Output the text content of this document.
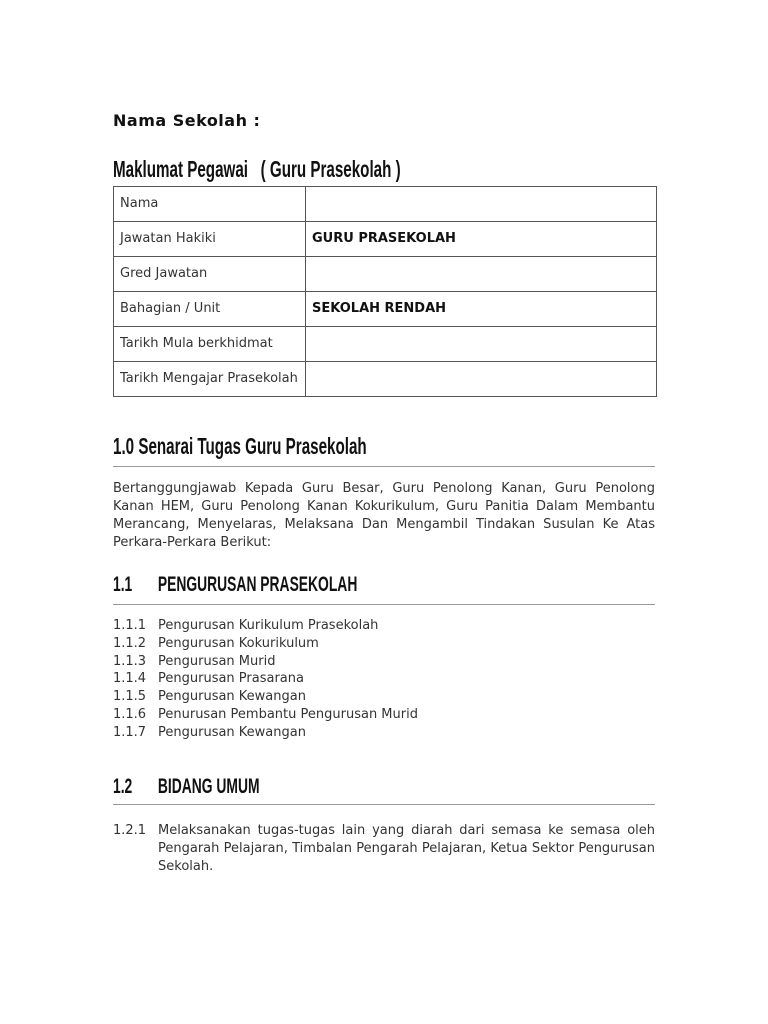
Nama Sekolah :
Maklumat Pegawai   ( Guru Prasekolah )
Nama	
Jawatan Hakiki	GURU PRASEKOLAH
Gred Jawatan	
Bahagian / Unit	SEKOLAH RENDAH
Tarikh Mula berkhidmat	
Tarikh Mengajar Prasekolah	
1.0 Senarai Tugas Guru Prasekolah
Bertanggungjawab Kepada Guru Besar, Guru Penolong Kanan, Guru Penolong Kanan HEM, Guru Penolong Kanan Kokurikulum, Guru Panitia Dalam Membantu Merancang, Menyelaras, Melaksana Dan Mengambil Tindakan Susulan Ke Atas Perkara-Perkara Berikut:
1.1	PENGURUSAN PRASEKOLAH
1.1.1 Pengurusan Kurikulum Prasekolah
1.1.2 Pengurusan Kokurikulum
1.1.3 Pengurusan Murid
1.1.4 Pengurusan Prasarana
1.1.5 Pengurusan Kewangan
1.1.6 Penurusan Pembantu Pengurusan Murid
1.1.7 Pengurusan Kewangan
1.2	BIDANG UMUM
1.2.1 Melaksanakan tugas-tugas lain yang diarah dari semasa ke semasa oleh Pengarah Pelajaran, Timbalan Pengarah Pelajaran, Ketua Sektor Pengurusan Sekolah.
